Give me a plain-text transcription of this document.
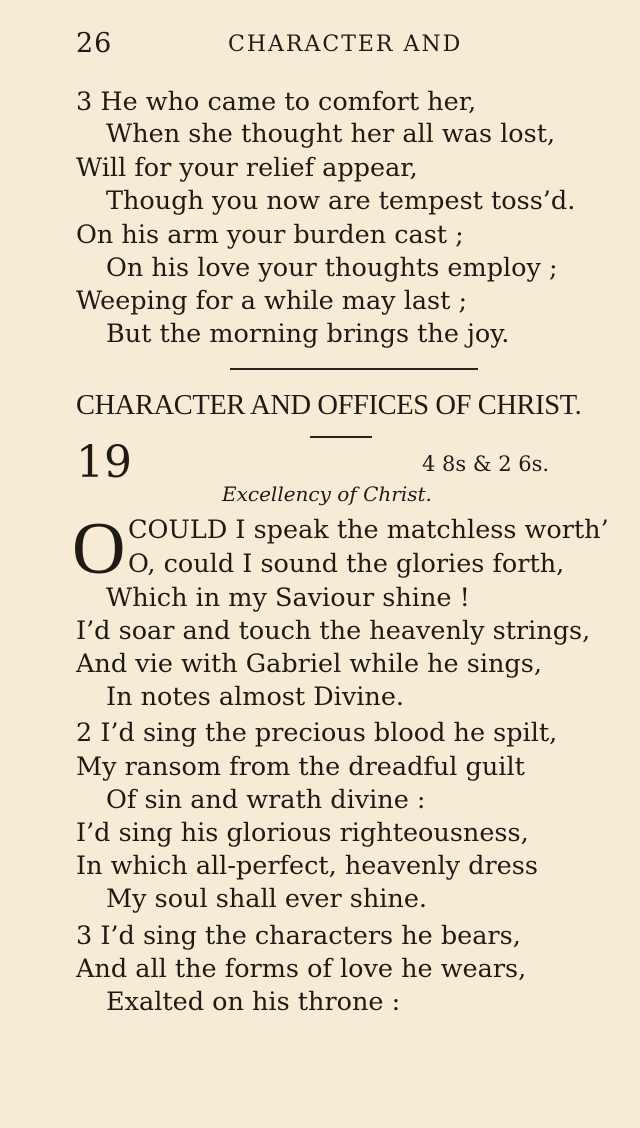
26	CHARACTER AND
3 He who came to comfort her,
When she thought her all was lost,
Will for your relief appear,
Though you now are tempest toss’d.
On his arm your burden cast ;
On his love your thoughts employ ;
Weeping for a while may last ;
But the morning brings the joy.
CHARACTER AND OFFICES OF CHRIST.
19	4 8s & 2 6s.
Excellency of Christ.
O COULD I speak the matchless worth’
O, could I sound the glories forth,
Which in my Saviour shine !
I’d soar and touch the heavenly strings,
And vie with Gabriel while he sings,
In notes almost Divine.
2 I’d sing the precious blood he spilt,
My ransom from the dreadful guilt
Of sin and wrath divine :
I’d sing his glorious righteousness,
In which all-perfect, heavenly dress
My soul shall ever shine.
3 I’d sing the characters he bears,
And all the forms of love he wears,
Exalted on his throne :
